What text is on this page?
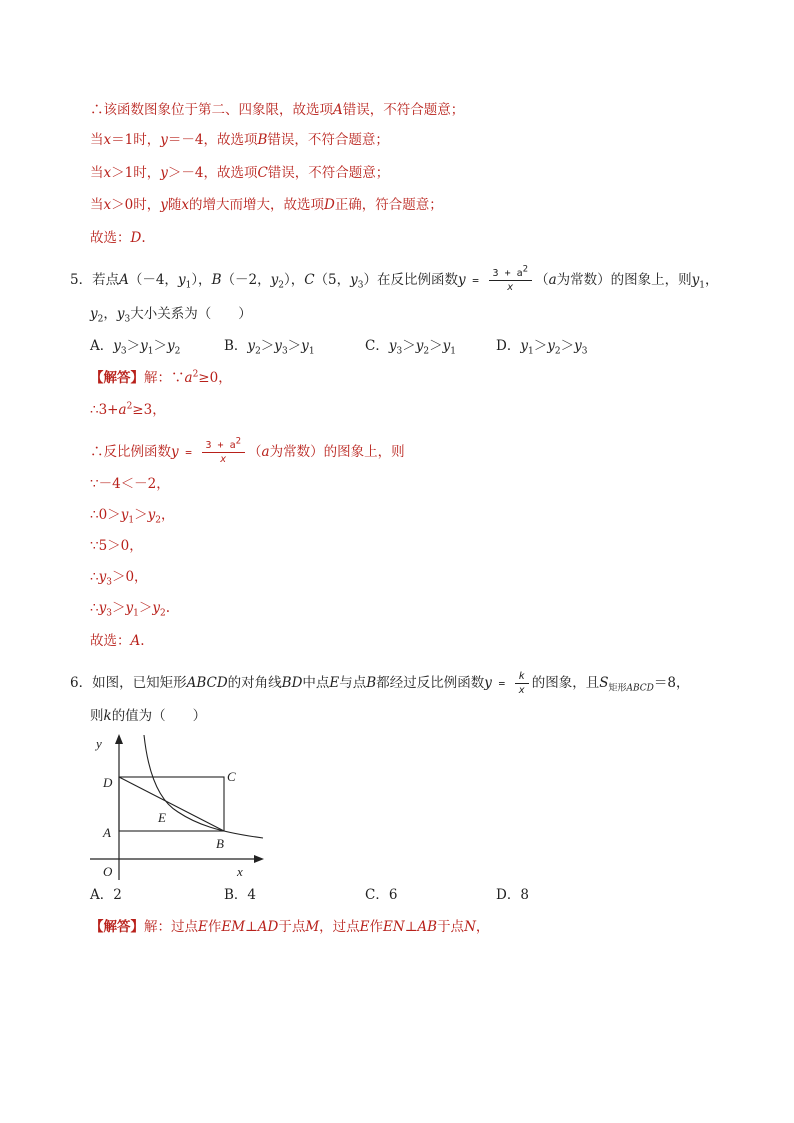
∴该函数图象位于第二、四象限，故选项A错误，不符合题意；
当x＝1时，y＝－4，故选项B错误，不符合题意；
当x＞1时，y＞－4，故选项C错误，不符合题意；
当x＞0时，y随x的增大而增大，故选项D正确，符合题意；
故选：D.
5．若点A（－4，$y_1$），B（－2，$y_2$），C（5，$y_3$）在反比例函数$y = \frac{3 + a^2}{x} (a$为常数）的图象上，则$y_1$，
$y_2$，$y_3$大小关系为（　　）
A．$y_3>y_1>y_2$	B．$y_2>y_3>y_1$	C．$y_3>y_2>y_1$	D．$y_1>y_2>y_3$
【解答】解：$\because a^2\ge 0$，
$\therefore 3+a^2\ge 3$，
∴反比例函数$y = \frac{3 + a^2}{x} (a$为常数）的图象上，则
∵－4＜－2，
$\therefore 0>y_1>y_2$，
∵5＞0，
$\therefore y_3>0$，
$\therefore y_3>y_1>y_2$.
故选：A.
6．如图，已知矩形ABCD的对角线BD中点E与点B都经过反比例函数$y = \frac{k}{x}$ 的图象，且$S_{矩形ABCD}=8$，
则k的值为（　　）
y
x
O
D	C
E
A
B
A．2	B．4	C．6	D．8
【解答】解：过点E作EM⊥AD于点M，过点E作EN⊥AB于点N，
